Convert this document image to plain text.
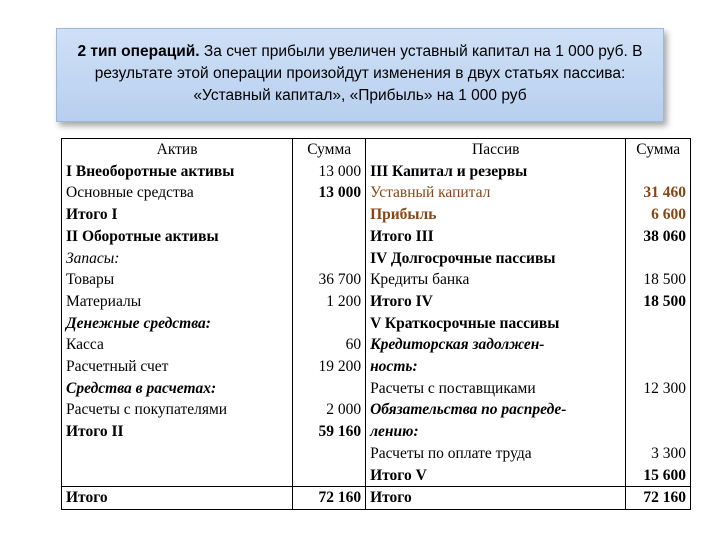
2 тип операций. За счет прибыли увеличен уставный капитал на 1 000 руб. В результате этой операции произойдут изменения в двух статьях пассива: «Уставный капитал», «Прибыль» на 1 000 руб
Актив	Сумма	Пассив	Сумма
I Внеоборотные активы	13 000	III Капитал и резервы	
Основные средства	13 000	Уставный капитал	31 460
Итого I		Прибыль	6 600
II Оборотные активы		Итого III	38 060
Запасы:		IV Долгосрочные пассивы	
Товары	36 700	Кредиты банка	18 500
Материалы	1 200	Итого IV	18 500
Денежные средства:		V Краткосрочные пассивы	
Касса	60	Кредиторская задолжен-	
Расчетный счет	19 200	ность:	
Средства в расчетах:		Расчеты с поставщиками	12 300
Расчеты с покупателями	2 000	Обязательства по распреде-	
Итого II	59 160	лению:	
		Расчеты по оплате труда	3 300
		Итого V	15 600
Итого	72 160	Итого	72 160
